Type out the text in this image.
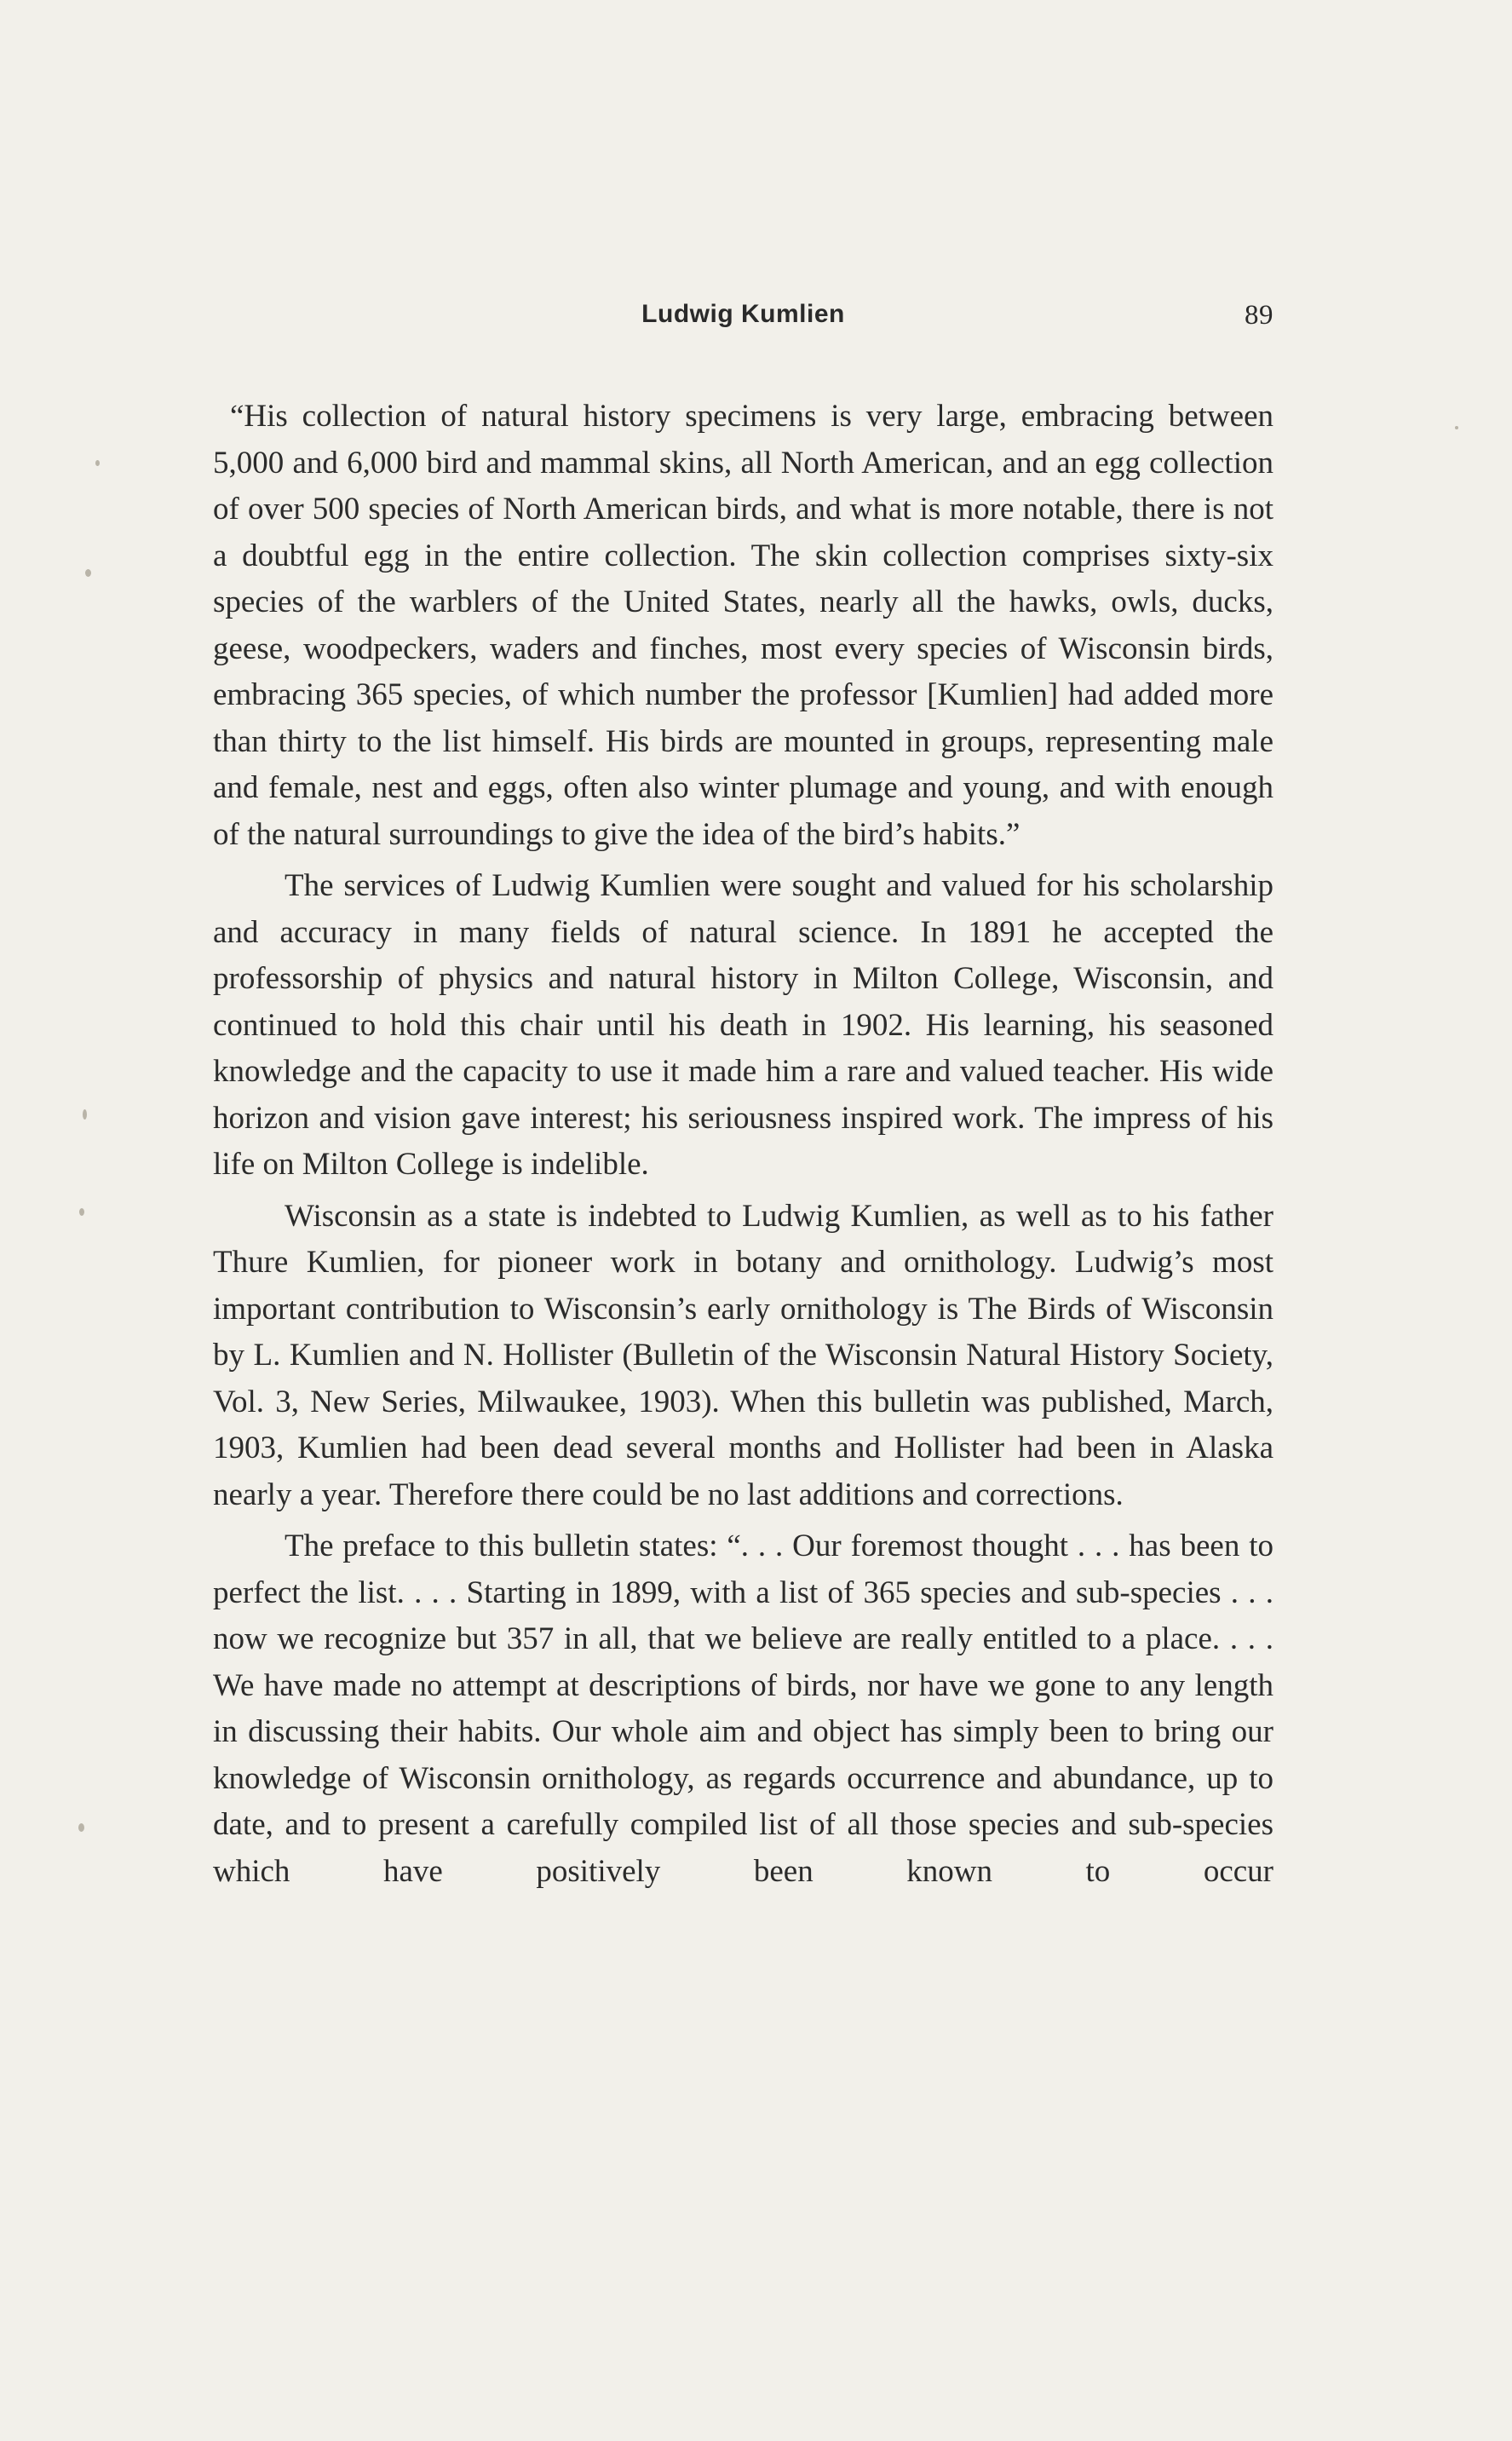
Ludwig Kumlien	89

“His collection of natural history specimens is very large, embracing between 5,000 and 6,000 bird and mammal skins, all North American, and an egg collection of over 500 species of North American birds, and what is more notable, there is not a doubtful egg in the entire collection. The skin collection comprises sixty-six species of the warblers of the United States, nearly all the hawks, owls, ducks, geese, woodpeckers, waders and finches, most every species of Wisconsin birds, embracing 365 species, of which number the professor [Kumlien] had added more than thirty to the list himself. His birds are mounted in groups, representing male and female, nest and eggs, often also winter plumage and young, and with enough of the natural surroundings to give the idea of the bird’s habits.”

The services of Ludwig Kumlien were sought and valued for his scholarship and accuracy in many fields of natural science. In 1891 he accepted the professorship of physics and natural history in Milton College, Wisconsin, and continued to hold this chair until his death in 1902. His learning, his seasoned knowledge and the capacity to use it made him a rare and valued teacher. His wide horizon and vision gave interest; his seriousness inspired work. The impress of his life on Milton College is indelible.

Wisconsin as a state is indebted to Ludwig Kumlien, as well as to his father Thure Kumlien, for pioneer work in botany and ornithology. Ludwig’s most important contribution to Wisconsin’s early ornithology is The Birds of Wisconsin by L. Kumlien and N. Hollister (Bulletin of the Wisconsin Natural History Society, Vol. 3, New Series, Milwaukee, 1903). When this bulletin was published, March, 1903, Kumlien had been dead several months and Hollister had been in Alaska nearly a year. Therefore there could be no last additions and corrections.

The preface to this bulletin states: “. . . Our foremost thought . . . has been to perfect the list. . . . Starting in 1899, with a list of 365 species and sub-species . . . now we recognize but 357 in all, that we believe are really entitled to a place. . . . We have made no attempt at descriptions of birds, nor have we gone to any length in discussing their habits. Our whole aim and object has simply been to bring our knowledge of Wisconsin ornithology, as regards occurrence and abundance, up to date, and to present a carefully compiled list of all those species and sub-species which have positively been known to occur
